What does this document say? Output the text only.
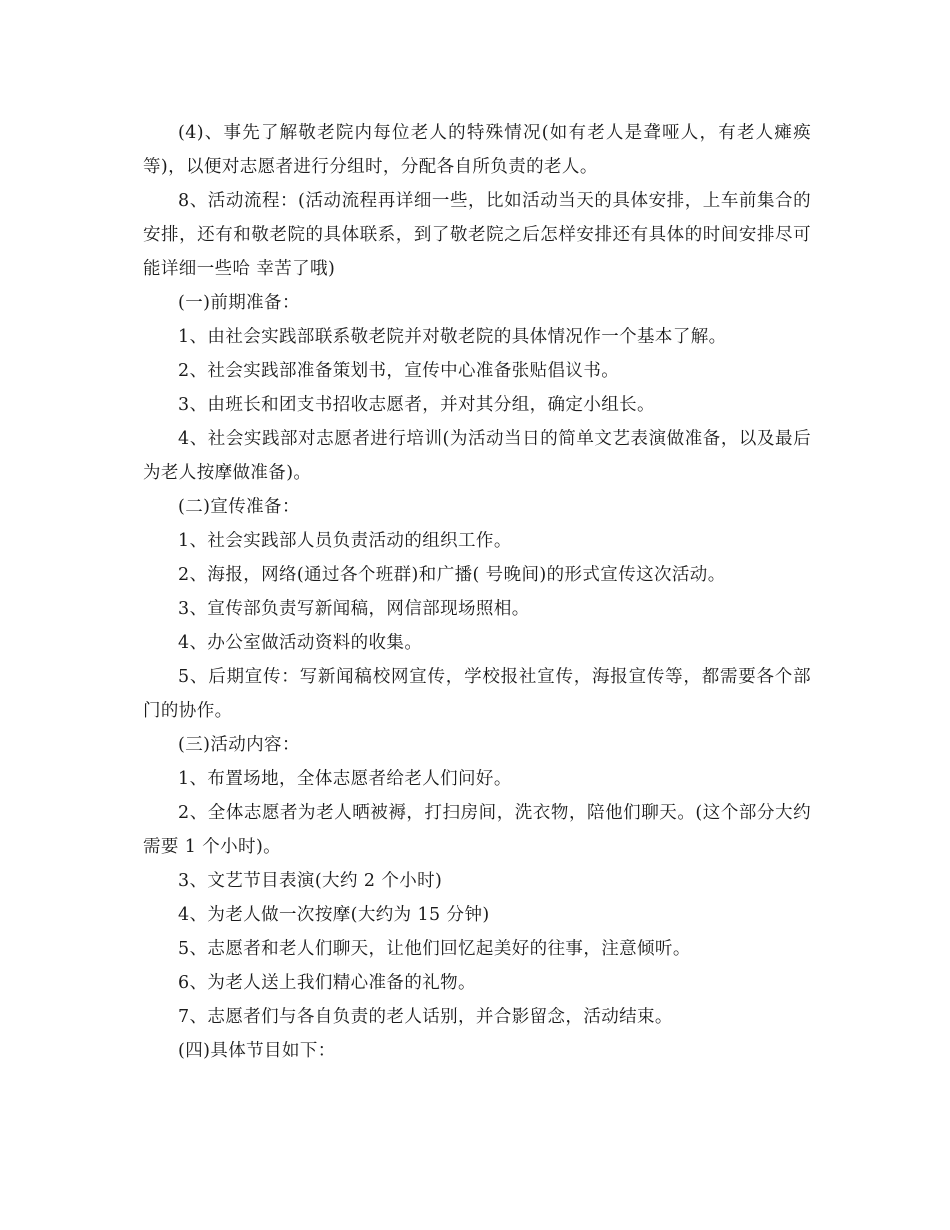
(4)、事先了解敬老院内每位老人的特殊情况(如有老人是聋哑人，有老人瘫痪等)，以便对志愿者进行分组时，分配各自所负责的老人。

8、活动流程：(活动流程再详细一些，比如活动当天的具体安排，上车前集合的安排，还有和敬老院的具体联系，到了敬老院之后怎样安排还有具体的时间安排尽可能详细一些哈 幸苦了哦)

(一)前期准备：

1、由社会实践部联系敬老院并对敬老院的具体情况作一个基本了解。

2、社会实践部准备策划书，宣传中心准备张贴倡议书。

3、由班长和团支书招收志愿者，并对其分组，确定小组长。

4、社会实践部对志愿者进行培训(为活动当日的简单文艺表演做准备，以及最后为老人按摩做准备)。

(二)宣传准备：

1、社会实践部人员负责活动的组织工作。

2、海报，网络(通过各个班群)和广播( 号晚间)的形式宣传这次活动。

3、宣传部负责写新闻稿，网信部现场照相。

4、办公室做活动资料的收集。

5、后期宣传：写新闻稿校网宣传，学校报社宣传，海报宣传等，都需要各个部门的协作。

(三)活动内容：

1、布置场地，全体志愿者给老人们问好。

2、全体志愿者为老人晒被褥，打扫房间，洗衣物，陪他们聊天。(这个部分大约需要 1 个小时)。

3、文艺节目表演(大约 2 个小时)

4、为老人做一次按摩(大约为 15 分钟)

5、志愿者和老人们聊天，让他们回忆起美好的往事，注意倾听。

6、为老人送上我们精心准备的礼物。

7、志愿者们与各自负责的老人话别，并合影留念，活动结束。

(四)具体节目如下：
